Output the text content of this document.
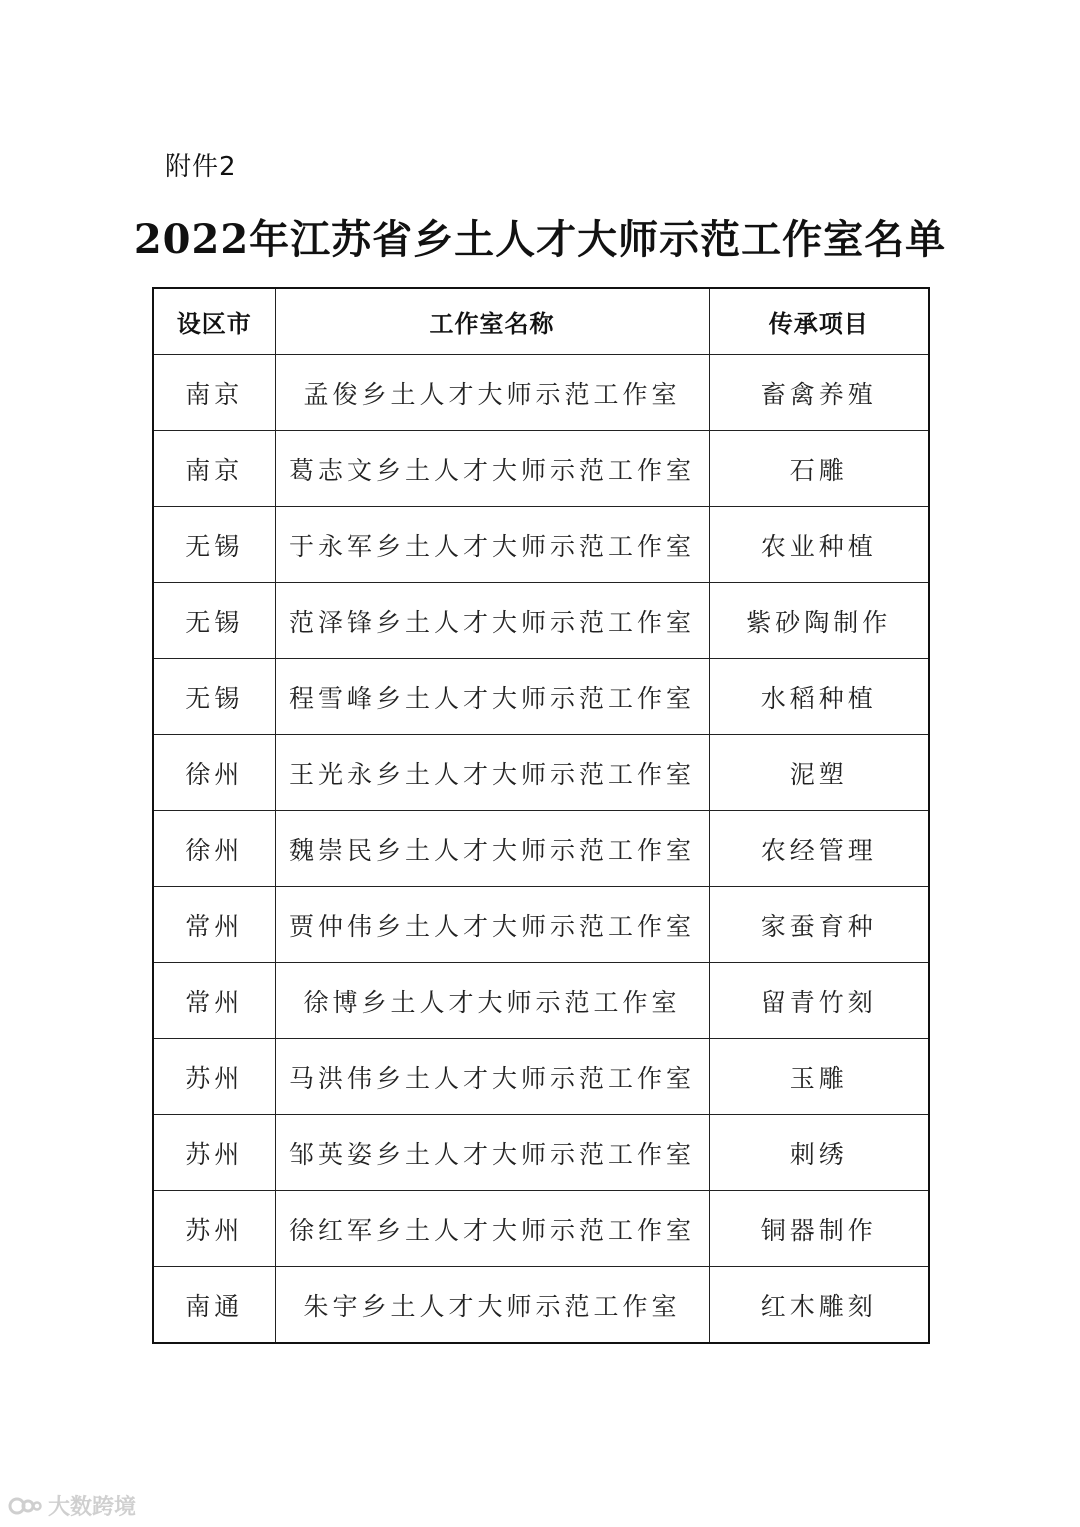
附件2
2022年江苏省乡土人才大师示范工作室名单
设区市	工作室名称	传承项目
南京	孟俊乡土人才大师示范工作室	畜禽养殖
南京	葛志文乡土人才大师示范工作室	石雕
无锡	于永军乡土人才大师示范工作室	农业种植
无锡	范泽锋乡土人才大师示范工作室	紫砂陶制作
无锡	程雪峰乡土人才大师示范工作室	水稻种植
徐州	王光永乡土人才大师示范工作室	泥塑
徐州	魏崇民乡土人才大师示范工作室	农经管理
常州	贾仲伟乡土人才大师示范工作室	家蚕育种
常州	徐博乡土人才大师示范工作室	留青竹刻
苏州	马洪伟乡土人才大师示范工作室	玉雕
苏州	邹英姿乡土人才大师示范工作室	刺绣
苏州	徐红军乡土人才大师示范工作室	铜器制作
南通	朱宇乡土人才大师示范工作室	红木雕刻
大数跨境
